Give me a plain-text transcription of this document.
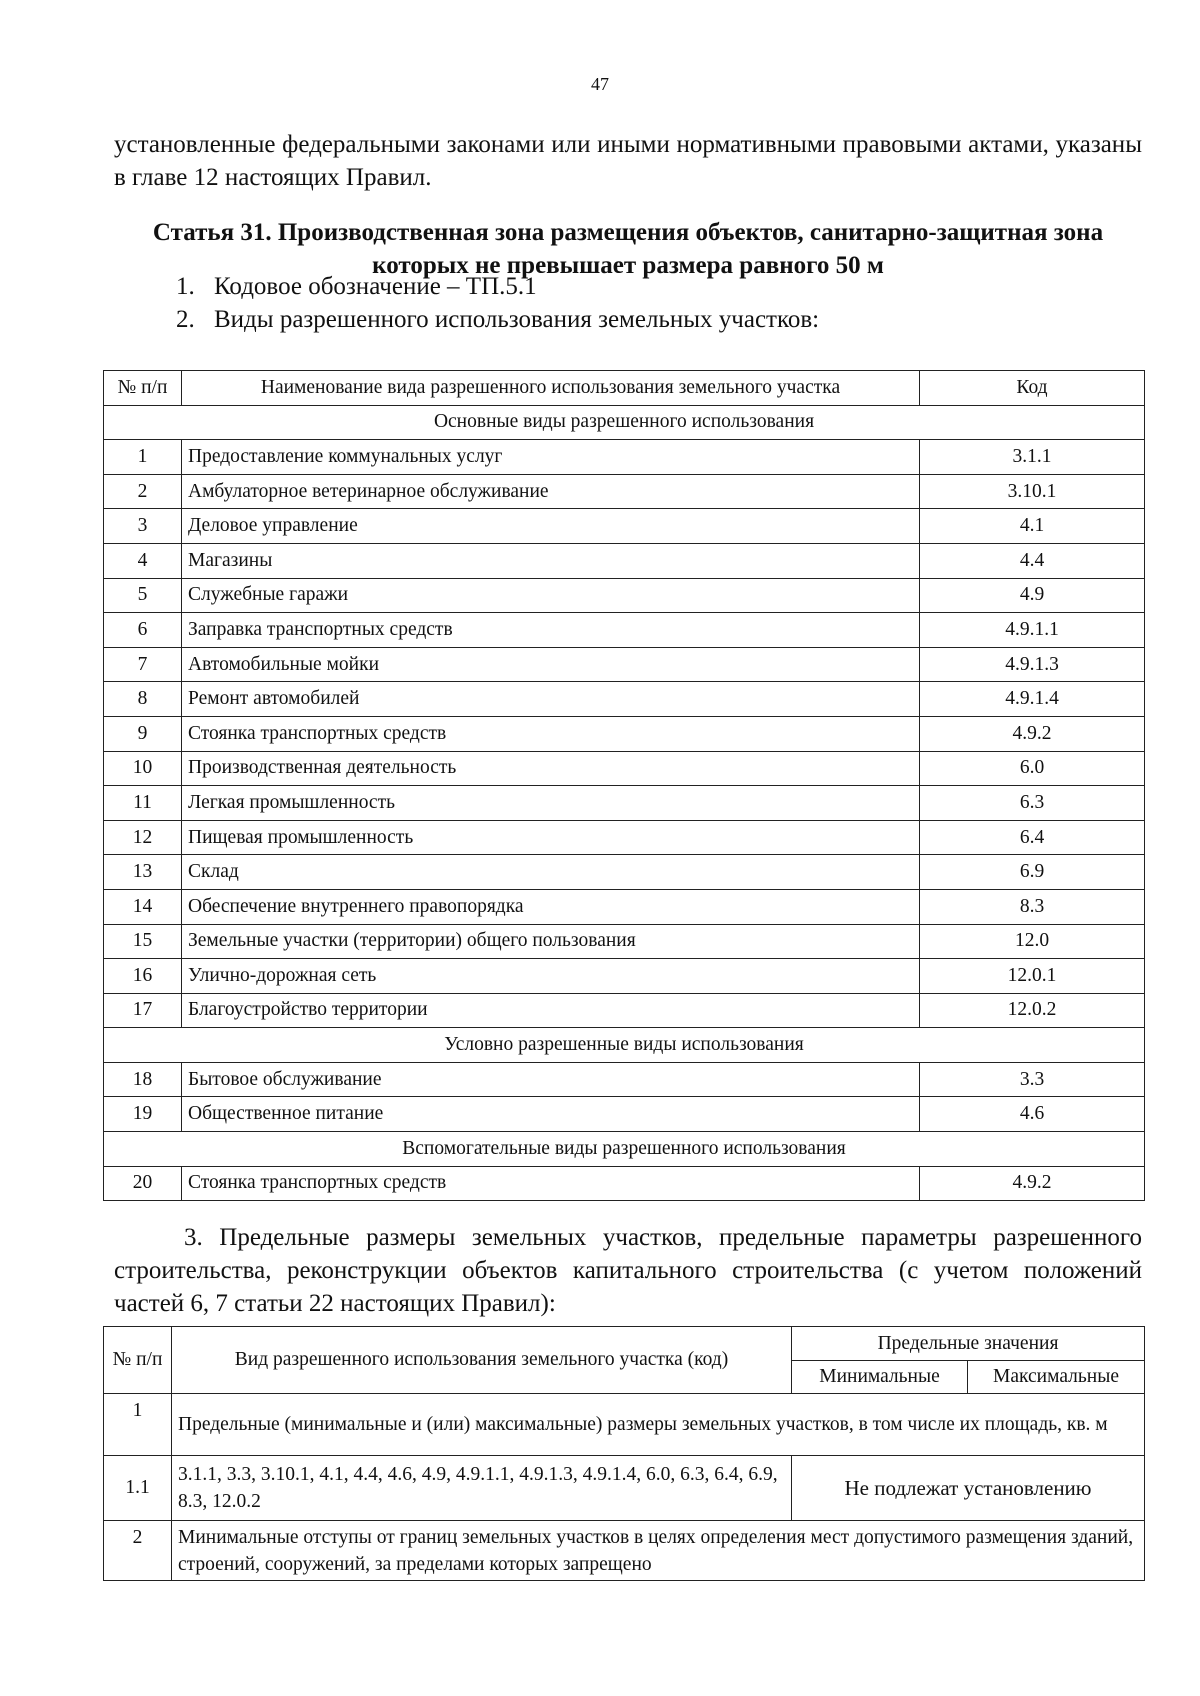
47
установленные федеральными законами или иными нормативными правовыми актами, указаны в главе 12 настоящих Правил.
Статья 31. Производственная зона размещения объектов, санитарно-защитная зона которых не превышает размера равного 50 м
1. Кодовое обозначение – ТП.5.1
2. Виды разрешенного использования земельных участков:
№ п/п	Наименование вида разрешенного использования земельного участка	Код
Основные виды разрешенного использования		
1	Предоставление коммунальных услуг	3.1.1
2	Амбулаторное ветеринарное обслуживание	3.10.1
3	Деловое управление	4.1
4	Магазины	4.4
5	Служебные гаражи	4.9
6	Заправка транспортных средств	4.9.1.1
7	Автомобильные мойки	4.9.1.3
8	Ремонт автомобилей	4.9.1.4
9	Стоянка транспортных средств	4.9.2
10	Производственная деятельность	6.0
11	Легкая промышленность	6.3
12	Пищевая промышленность	6.4
13	Склад	6.9
14	Обеспечение внутреннего правопорядка	8.3
15	Земельные участки (территории) общего пользования	12.0
16	Улично-дорожная сеть	12.0.1
17	Благоустройство территории	12.0.2
Условно разрешенные виды использования		
18	Бытовое обслуживание	3.3
19	Общественное питание	4.6
Вспомогательные виды разрешенного использования		
20	Стоянка транспортных средств	4.9.2
3. Предельные размеры земельных участков, предельные параметры разрешенного строительства, реконструкции объектов капитального строительства (с учетом положений частей 6, 7 статьи 22 настоящих Правил):
№ п/п	Вид разрешенного использования земельного участка (код)	Предельные значения	
		Минимальные	Максимальные
1	Предельные (минимальные и (или) максимальные) размеры земельных участков, в том числе их площадь, кв. м		
1.1	3.1.1, 3.3, 3.10.1, 4.1, 4.4, 4.6, 4.9, 4.9.1.1, 4.9.1.3, 4.9.1.4, 6.0, 6.3, 6.4, 6.9, 8.3, 12.0.2	Не подлежат установлению	
2	Минимальные отступы от границ земельных участков в целях определения мест допустимого размещения зданий, строений, сооружений, за пределами которых запрещено		
